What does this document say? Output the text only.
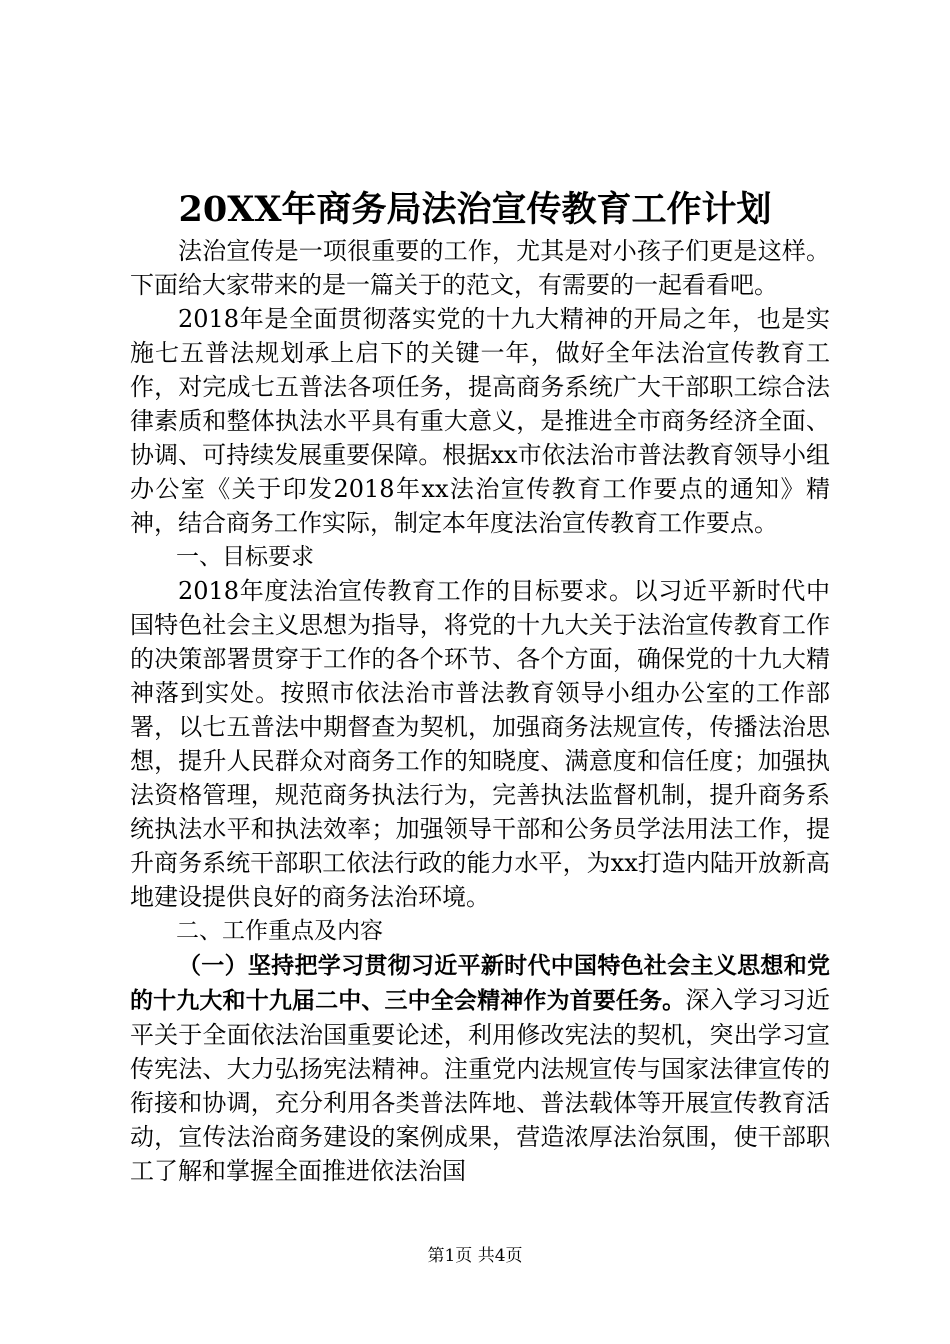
20XX年商务局法治宣传教育工作计划

法治宣传是一项很重要的工作，尤其是对小孩子们更是这样。下面给大家带来的是一篇关于的范文，有需要的一起看看吧。

2018年是全面贯彻落实党的十九大精神的开局之年，也是实施七五普法规划承上启下的关键一年，做好全年法治宣传教育工作，对完成七五普法各项任务，提高商务系统广大干部职工综合法律素质和整体执法水平具有重大意义，是推进全市商务经济全面、协调、可持续发展重要保障。根据xx市依法治市普法教育领导小组办公室《关于印发2018年xx法治宣传教育工作要点的通知》精神，结合商务工作实际，制定本年度法治宣传教育工作要点。

一、目标要求

2018年度法治宣传教育工作的目标要求。以习近平新时代中国特色社会主义思想为指导，将党的十九大关于法治宣传教育工作的决策部署贯穿于工作的各个环节、各个方面，确保党的十九大精神落到实处。按照市依法治市普法教育领导小组办公室的工作部署，以七五普法中期督查为契机，加强商务法规宣传，传播法治思想，提升人民群众对商务工作的知晓度、满意度和信任度；加强执法资格管理，规范商务执法行为，完善执法监督机制，提升商务系统执法水平和执法效率；加强领导干部和公务员学法用法工作，提升商务系统干部职工依法行政的能力水平，为xx打造内陆开放新高地建设提供良好的商务法治环境。

二、工作重点及内容

（一）坚持把学习贯彻习近平新时代中国特色社会主义思想和党的十九大和十九届二中、三中全会精神作为首要任务。深入学习习近平关于全面依法治国重要论述，利用修改宪法的契机，突出学习宣传宪法、大力弘扬宪法精神。注重党内法规宣传与国家法律宣传的衔接和协调，充分利用各类普法阵地、普法载体等开展宣传教育活动，宣传法治商务建设的案例成果，营造浓厚法治氛围，使干部职工了解和掌握全面推进依法治国

第1页 共4页
